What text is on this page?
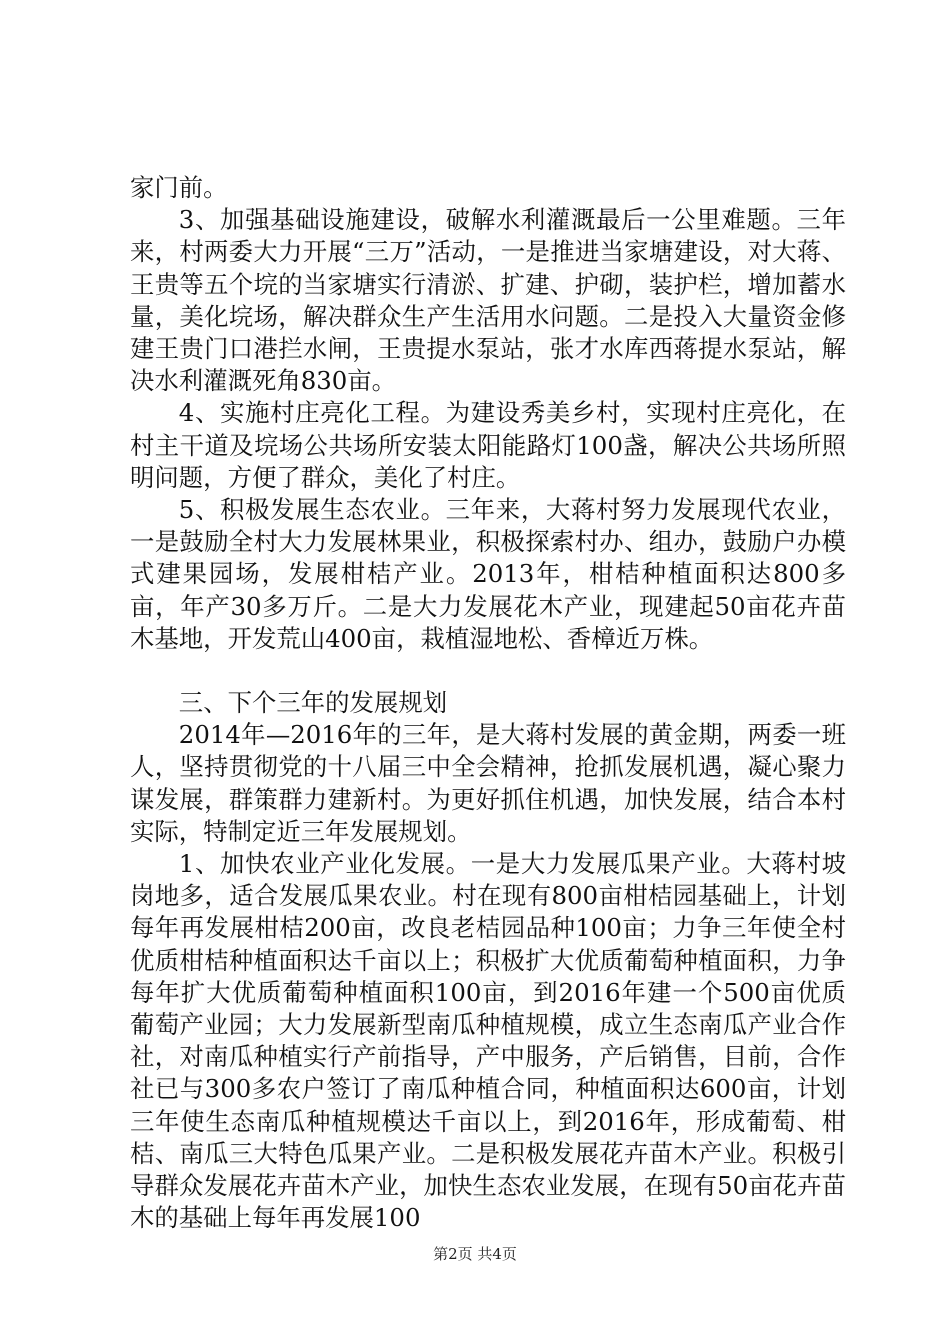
家门前。

3、加强基础设施建设，破解水利灌溉最后一公里难题。三年来，村两委大力开展“三万”活动，一是推进当家塘建设，对大蒋、王贵等五个垸的当家塘实行清淤、扩建、护砌，装护栏，增加蓄水量，美化垸场，解决群众生产生活用水问题。二是投入大量资金修建王贵门口港拦水闸，王贵提水泵站，张才水库西蒋提水泵站，解决水利灌溉死角830亩。

4、实施村庄亮化工程。为建设秀美乡村，实现村庄亮化，在村主干道及垸场公共场所安装太阳能路灯100盏，解决公共场所照明问题，方便了群众，美化了村庄。

5、积极发展生态农业。三年来，大蒋村努力发展现代农业，一是鼓励全村大力发展林果业，积极探索村办、组办，鼓励户办模式建果园场，发展柑桔产业。2013年，柑桔种植面积达800多亩，年产30多万斤。二是大力发展花木产业，现建起50亩花卉苗木基地，开发荒山400亩，栽植湿地松、香樟近万株。

三、下个三年的发展规划

2014年—2016年的三年，是大蒋村发展的黄金期，两委一班人，坚持贯彻党的十八届三中全会精神，抢抓发展机遇，凝心聚力谋发展，群策群力建新村。为更好抓住机遇，加快发展，结合本村实际，特制定近三年发展规划。

1、加快农业产业化发展。一是大力发展瓜果产业。大蒋村坡岗地多，适合发展瓜果农业。村在现有800亩柑桔园基础上，计划每年再发展柑桔200亩，改良老桔园品种100亩；力争三年使全村优质柑桔种植面积达千亩以上；积极扩大优质葡萄种植面积，力争每年扩大优质葡萄种植面积100亩，到2016年建一个500亩优质葡萄产业园；大力发展新型南瓜种植规模，成立生态南瓜产业合作社，对南瓜种植实行产前指导，产中服务，产后销售，目前，合作社已与300多农户签订了南瓜种植合同，种植面积达600亩，计划三年使生态南瓜种植规模达千亩以上，到2016年，形成葡萄、柑桔、南瓜三大特色瓜果产业。二是积极发展花卉苗木产业。积极引导群众发展花卉苗木产业，加快生态农业发展，在现有50亩花卉苗木的基础上每年再发展100

第2页 共4页
